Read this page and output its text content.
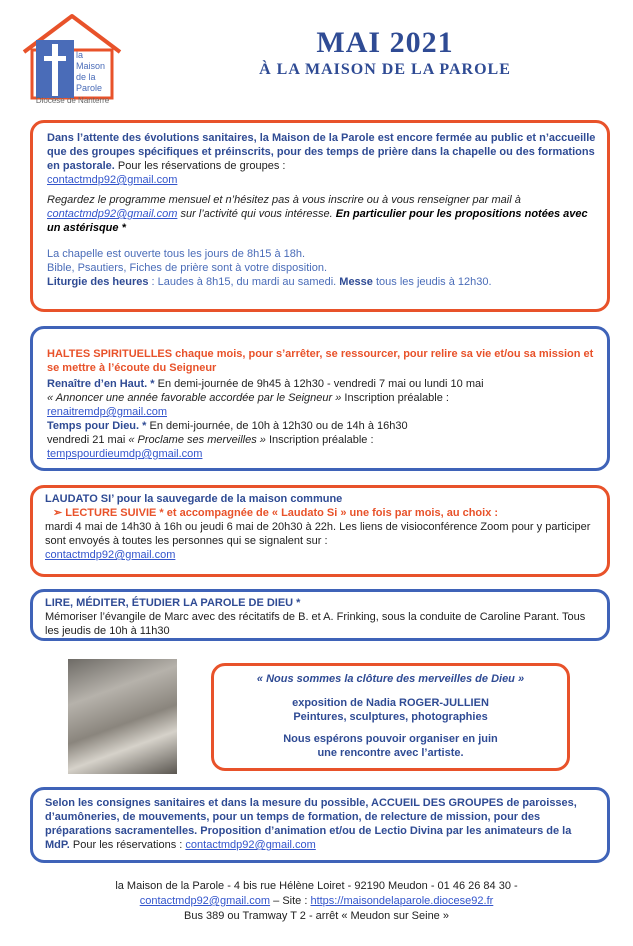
la
Maison
de la
Parole
Diocèse de Nanterre
MAI 2021
À LA MAISON DE LA PAROLE

Dans l’attente des évolutions sanitaires, la Maison de la Parole est encore fermée au public et n’accueille que des groupes spécifiques et préinscrits, pour des temps de prière dans la chapelle ou des formations en pastorale. Pour les réservations de groupes :
contactmdp92@gmail.com

Regardez le programme mensuel et n’hésitez pas à vous inscrire ou à vous renseigner par mail à contactmdp92@gmail.com sur l’activité qui vous intéresse. En particulier pour les propositions notées avec un astérisque *

La chapelle est ouverte tous les jours de 8h15 à 18h.
Bible, Psautiers, Fiches de prière sont à votre disposition.
Liturgie des heures : Laudes à 8h15, du mardi au samedi. Messe tous les jeudis à 12h30.

HALTES SPIRITUELLES chaque mois, pour s’arrêter, se ressourcer, pour relire sa vie et/ou sa mission et se mettre à l’écoute du Seigneur

Renaître d’en Haut. * En demi-journée de 9h45 à 12h30 - vendredi 7 mai ou lundi 10 mai
« Annoncer une année favorable accordée par le Seigneur » Inscription préalable :
renaitremdp@gmail.com
Temps pour Dieu. * En demi-journée, de 10h à 12h30 ou de 14h à 16h30
vendredi 21 mai « Proclame ses merveilles » Inscription préalable :
tempspourdieumdp@gmail.com

LAUDATO SI’ pour la sauvegarde de la maison commune

➢ LECTURE SUIVIE * et accompagnée de « Laudato Si » une fois par mois, au choix :

mardi 4 mai de 14h30 à 16h ou jeudi 6 mai de 20h30 à 22h. Les liens de visioconférence Zoom pour y participer sont envoyés à toutes les personnes qui se signalent sur :

contactmdp92@gmail.com

LIRE, MÉDITER, ÉTUDIER LA PAROLE DE DIEU *

Mémoriser l’évangile de Marc avec des récitatifs de B. et A. Frinking, sous la conduite de Caroline Parant. Tous les jeudis de 10h à 11h30

« Nous sommes la clôture des merveilles de Dieu »

exposition de Nadia ROGER-JULLIEN

Peintures, sculptures, photographies

Nous espérons pouvoir organiser en juin

une rencontre avec l’artiste.

Selon les consignes sanitaires et dans la mesure du possible, ACCUEIL DES GROUPES de paroisses, d’aumôneries, de mouvements, pour un temps de formation, de relecture de mission, pour des préparations sacramentelles. Proposition d’animation et/ou de Lectio Divina par les animateurs de la MdP. Pour les réservations : contactmdp92@gmail.com

la Maison de la Parole - 4 bis rue Hélène Loiret - 92190 Meudon - 01 46 26 84 30 -
contactmdp92@gmail.com – Site : https://maisondelaparole.diocese92.fr
Bus 389 ou Tramway T 2 - arrêt « Meudon sur Seine »
